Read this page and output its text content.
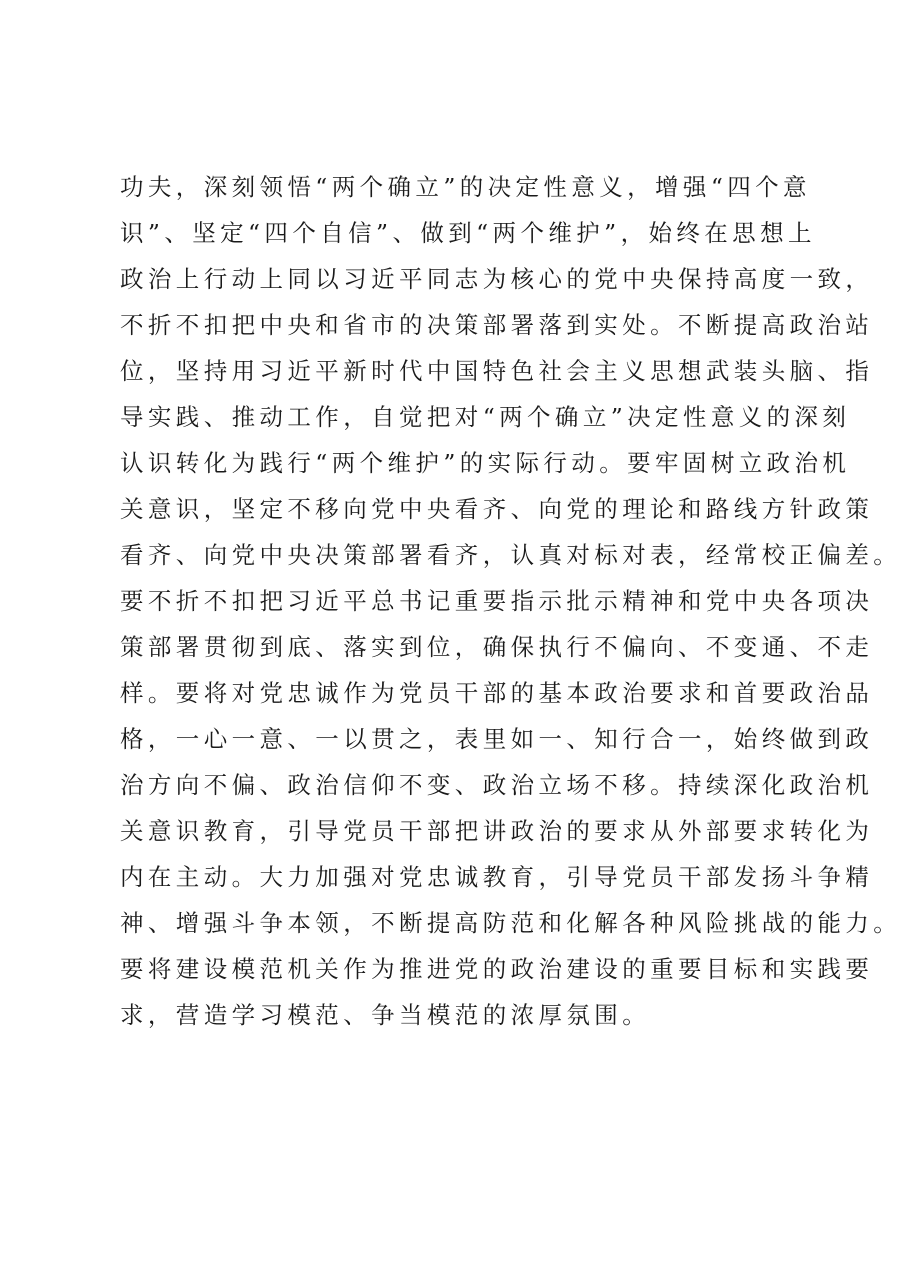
功夫，深刻领悟“两个确立”的决定性意义，增强“四个意
识”、坚定“四个自信”、做到“两个维护”，始终在思想上
政治上行动上同以习近平同志为核心的党中央保持高度一致，
不折不扣把中央和省市的决策部署落到实处。不断提高政治站
位，坚持用习近平新时代中国特色社会主义思想武装头脑、指
导实践、推动工作，自觉把对“两个确立”决定性意义的深刻
认识转化为践行“两个维护”的实际行动。要牢固树立政治机
关意识，坚定不移向党中央看齐、向党的理论和路线方针政策
看齐、向党中央决策部署看齐，认真对标对表，经常校正偏差。
要不折不扣把习近平总书记重要指示批示精神和党中央各项决
策部署贯彻到底、落实到位，确保执行不偏向、不变通、不走
样。要将对党忠诚作为党员干部的基本政治要求和首要政治品
格，一心一意、一以贯之，表里如一、知行合一，始终做到政
治方向不偏、政治信仰不变、政治立场不移。持续深化政治机
关意识教育，引导党员干部把讲政治的要求从外部要求转化为
内在主动。大力加强对党忠诚教育，引导党员干部发扬斗争精
神、增强斗争本领，不断提高防范和化解各种风险挑战的能力。
要将建设模范机关作为推进党的政治建设的重要目标和实践要
求，营造学习模范、争当模范的浓厚氛围。
